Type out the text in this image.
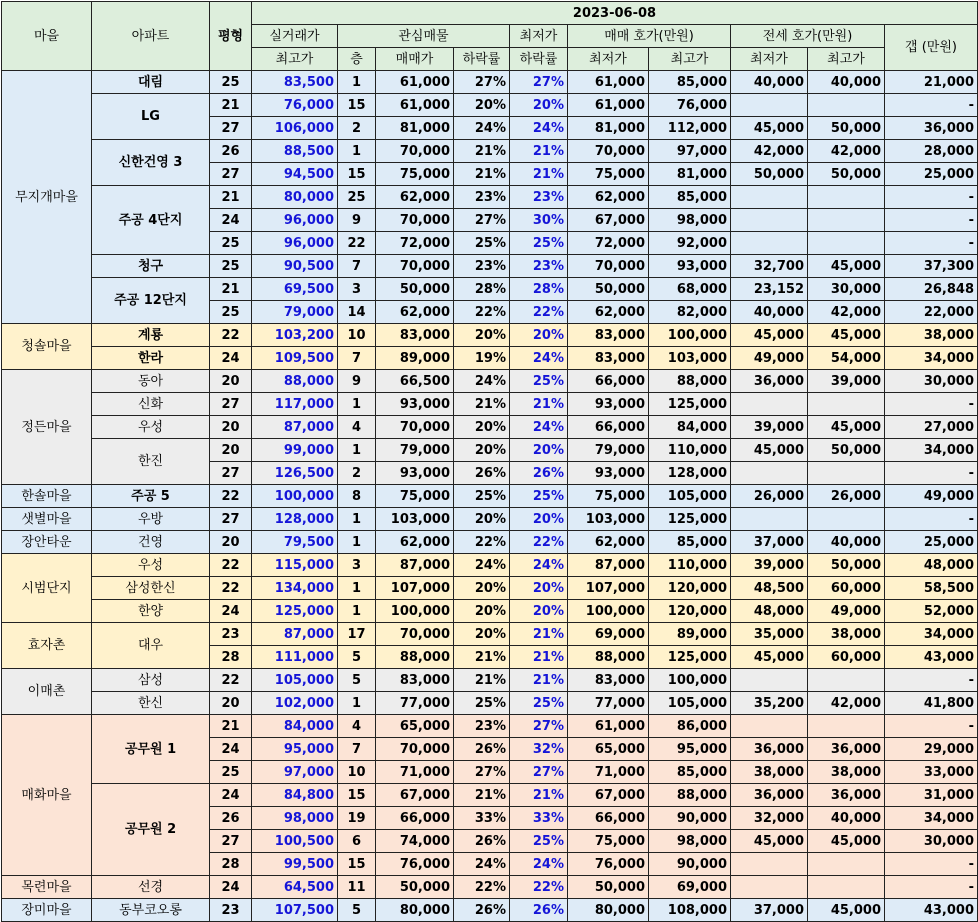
마을	아파트	평형	2023-06-08									
			실거래가	관심매물			최저가	매매 호가(만원)		전세 호가(만원)		갭 (만원)
			최고가	층	매매가	하락률	하락률	최저가	최고가	최저가	최고가	
무지개마을	대림	25	83,500	1	61,000	27%	27%	61,000	85,000	40,000	40,000	21,000
	LG	21	76,000	15	61,000	20%	20%	61,000	76,000			-
		27	106,000	2	81,000	24%	24%	81,000	112,000	45,000	50,000	36,000
	신한건영 3	26	88,500	1	70,000	21%	21%	70,000	97,000	42,000	42,000	28,000
		27	94,500	15	75,000	21%	21%	75,000	81,000	50,000	50,000	25,000
	주공 4단지	21	80,000	25	62,000	23%	23%	62,000	85,000			-
		24	96,000	9	70,000	27%	30%	67,000	98,000			-
		25	96,000	22	72,000	25%	25%	72,000	92,000			-
	청구	25	90,500	7	70,000	23%	23%	70,000	93,000	32,700	45,000	37,300
	주공 12단지	21	69,500	3	50,000	28%	28%	50,000	68,000	23,152	30,000	26,848
		25	79,000	14	62,000	22%	22%	62,000	82,000	40,000	42,000	22,000
청솔마을	계룡	22	103,200	10	83,000	20%	20%	83,000	100,000	45,000	45,000	38,000
	한라	24	109,500	7	89,000	19%	24%	83,000	103,000	49,000	54,000	34,000
정든마을	동아	20	88,000	9	66,500	24%	25%	66,000	88,000	36,000	39,000	30,000
	신화	27	117,000	1	93,000	21%	21%	93,000	125,000			-
	우성	20	87,000	4	70,000	20%	24%	66,000	84,000	39,000	45,000	27,000
	한진	20	99,000	1	79,000	20%	20%	79,000	110,000	45,000	50,000	34,000
		27	126,500	2	93,000	26%	26%	93,000	128,000			-
한솔마을	주공 5	22	100,000	8	75,000	25%	25%	75,000	105,000	26,000	26,000	49,000
샛별마을	우방	27	128,000	1	103,000	20%	20%	103,000	125,000			-
장안타운	건영	20	79,500	1	62,000	22%	22%	62,000	85,000	37,000	40,000	25,000
시범단지	우성	22	115,000	3	87,000	24%	24%	87,000	110,000	39,000	50,000	48,000
	삼성한신	22	134,000	1	107,000	20%	20%	107,000	120,000	48,500	60,000	58,500
	한양	24	125,000	1	100,000	20%	20%	100,000	120,000	48,000	49,000	52,000
효자촌	대우	23	87,000	17	70,000	20%	21%	69,000	89,000	35,000	38,000	34,000
		28	111,000	5	88,000	21%	21%	88,000	125,000	45,000	60,000	43,000
이매촌	삼성	22	105,000	5	83,000	21%	21%	83,000	100,000			-
	한신	20	102,000	1	77,000	25%	25%	77,000	105,000	35,200	42,000	41,800
매화마을	공무원 1	21	84,000	4	65,000	23%	27%	61,000	86,000			-
		24	95,000	7	70,000	26%	32%	65,000	95,000	36,000	36,000	29,000
		25	97,000	10	71,000	27%	27%	71,000	85,000	38,000	38,000	33,000
	공무원 2	24	84,800	15	67,000	21%	21%	67,000	88,000	36,000	36,000	31,000
		26	98,000	19	66,000	33%	33%	66,000	90,000	32,000	40,000	34,000
		27	100,500	6	74,000	26%	25%	75,000	98,000	45,000	45,000	30,000
		28	99,500	15	76,000	24%	24%	76,000	90,000			-
목련마을	선경	24	64,500	11	50,000	22%	22%	50,000	69,000			-
장미마을	동부코오롱	23	107,500	5	80,000	26%	26%	80,000	108,000	37,000	45,000	43,000
